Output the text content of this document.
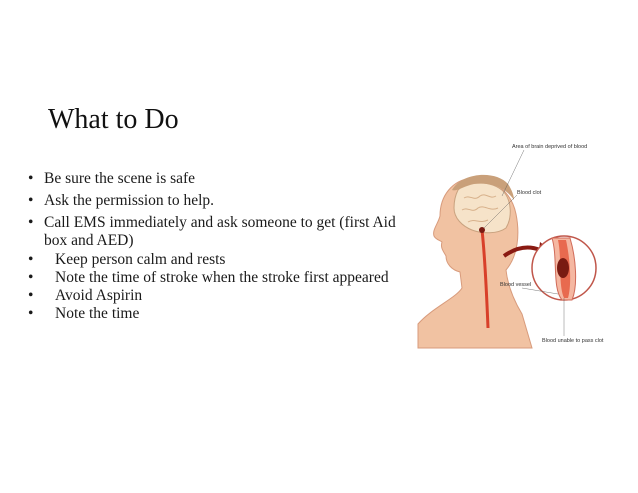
What to Do
• Be sure the scene is safe
• Ask the permission to help.
• Call EMS immediately and ask someone to get (first Aid box and AED)
• Keep person calm and rests
• Note the time of stroke when the stroke first appeared
• Avoid Aspirin
• Note the time
Area of brain deprived of blood
Blood clot
Blood vessel
Blood unable to pass clot
